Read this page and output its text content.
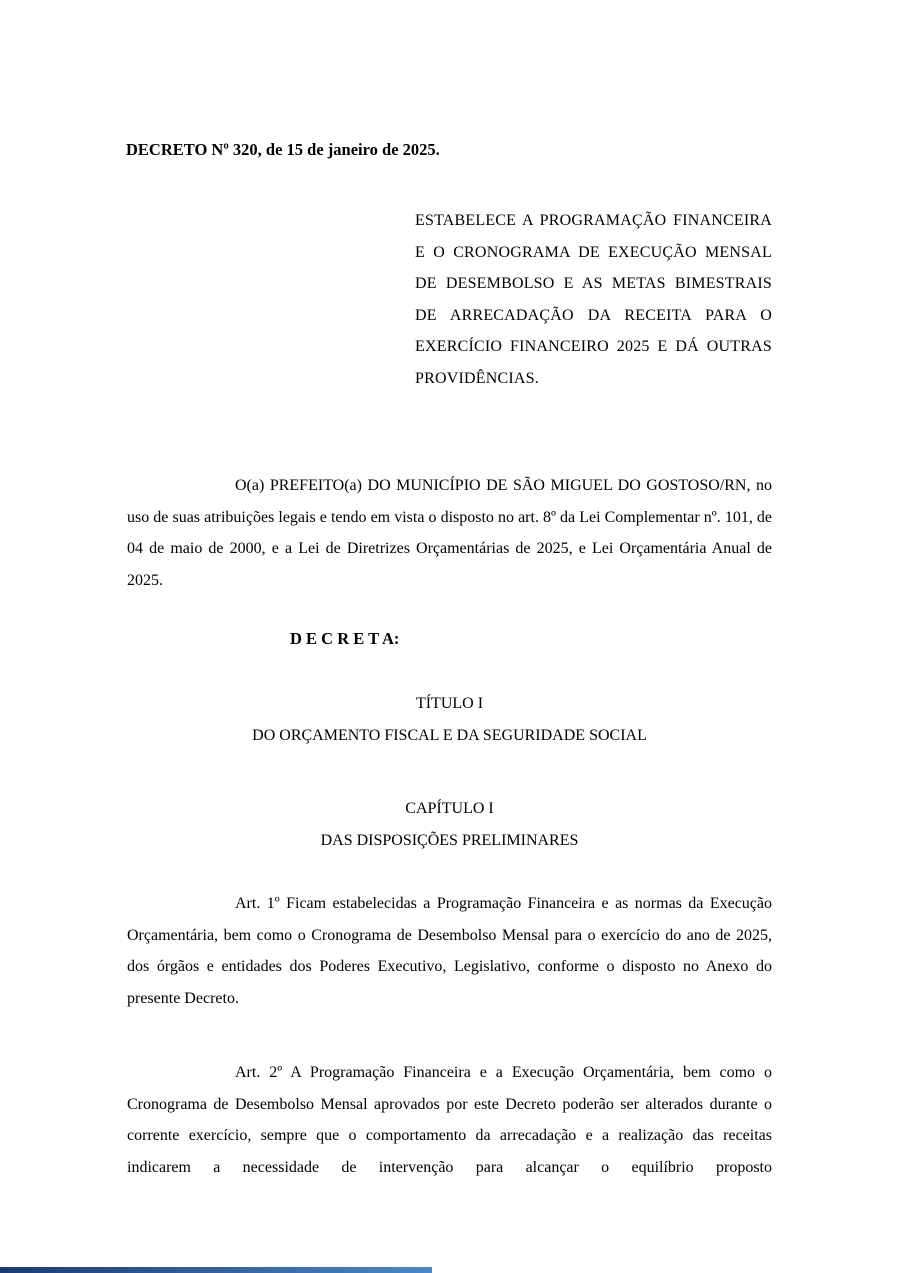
DECRETO Nº 320, de 15 de janeiro de 2025.
ESTABELECE A PROGRAMAÇÃO FINANCEIRA E O CRONOGRAMA DE EXECUÇÃO MENSAL DE DESEMBOLSO E AS METAS BIMESTRAIS DE ARRECADAÇÃO DA RECEITA PARA O EXERCÍCIO FINANCEIRO 2025 E DÁ OUTRAS PROVIDÊNCIAS.
O(a) PREFEITO(a) DO MUNICÍPIO DE SÃO MIGUEL DO GOSTOSO/RN, no uso de suas atribuições legais e tendo em vista o disposto no art. 8º da Lei Complementar nº. 101, de 04 de maio de 2000, e a Lei de Diretrizes Orçamentárias de 2025, e Lei Orçamentária Anual de 2025.
D E C R E T A:
TÍTULO I
DO ORÇAMENTO FISCAL E DA SEGURIDADE SOCIAL
CAPÍTULO I
DAS DISPOSIÇÕES PRELIMINARES
Art. 1º Ficam estabelecidas a Programação Financeira e as normas da Execução Orçamentária, bem como o Cronograma de Desembolso Mensal para o exercício do ano de 2025, dos órgãos e entidades dos Poderes Executivo, Legislativo, conforme o disposto no Anexo do presente Decreto.
Art. 2º A Programação Financeira e a Execução Orçamentária, bem como o Cronograma de Desembolso Mensal aprovados por este Decreto poderão ser alterados durante o corrente exercício, sempre que o comportamento da arrecadação e a realização das receitas indicarem a necessidade de intervenção para alcançar o equilíbrio proposto
